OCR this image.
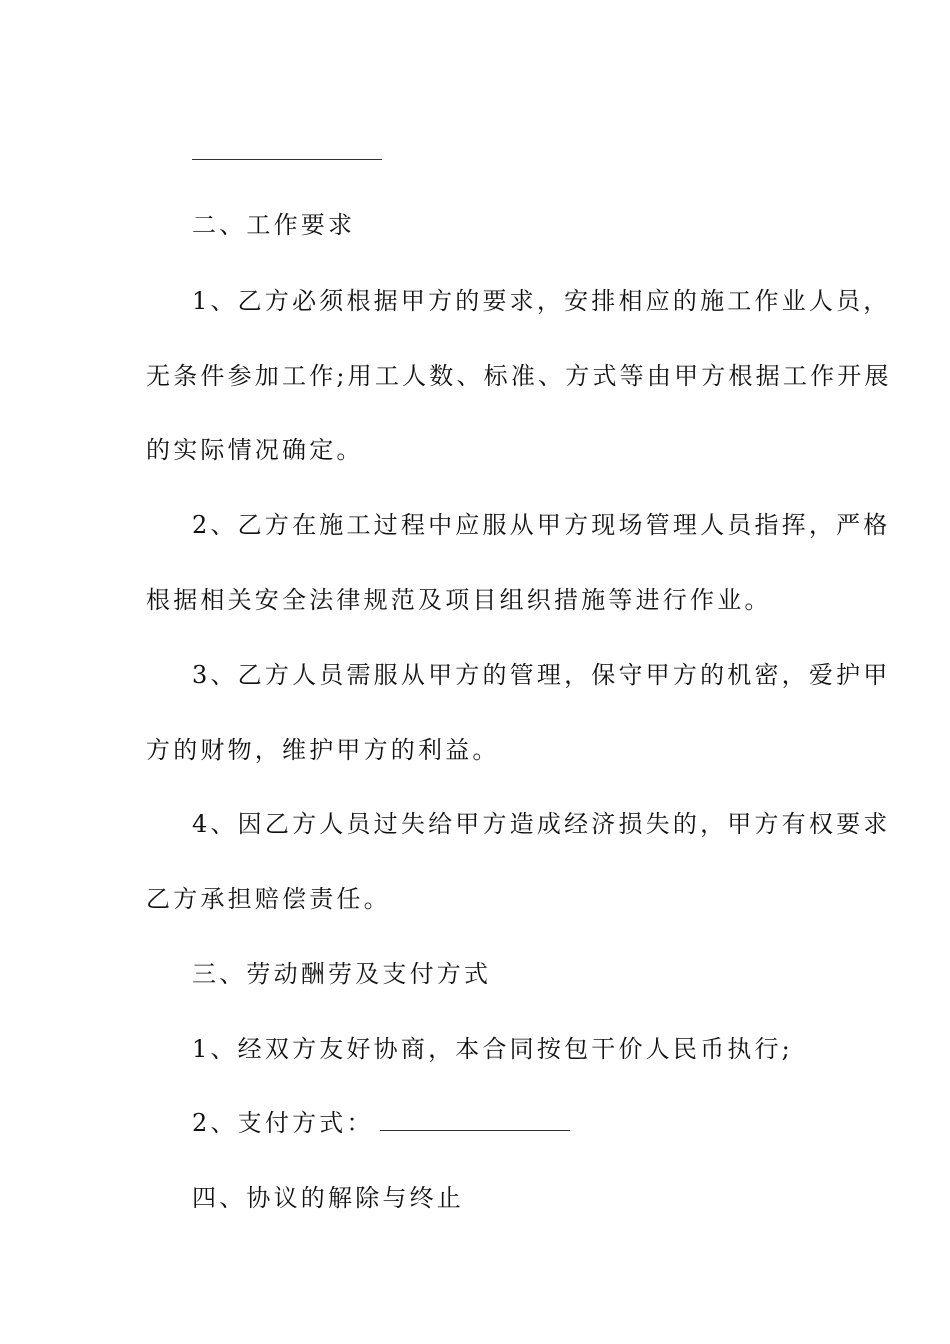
二、工作要求
1、乙方必须根据甲方的要求，安排相应的施工作业人员，
无条件参加工作;用工人数、标准、方式等由甲方根据工作开展
的实际情况确定。
2、乙方在施工过程中应服从甲方现场管理人员指挥，严格
根据相关安全法律规范及项目组织措施等进行作业。
3、乙方人员需服从甲方的管理，保守甲方的机密，爱护甲
方的财物，维护甲方的利益。
4、因乙方人员过失给甲方造成经济损失的，甲方有权要求
乙方承担赔偿责任。
三、劳动酬劳及支付方式
1、经双方友好协商，本合同按包干价人民币执行;
2、支付方式：
四、协议的解除与终止
